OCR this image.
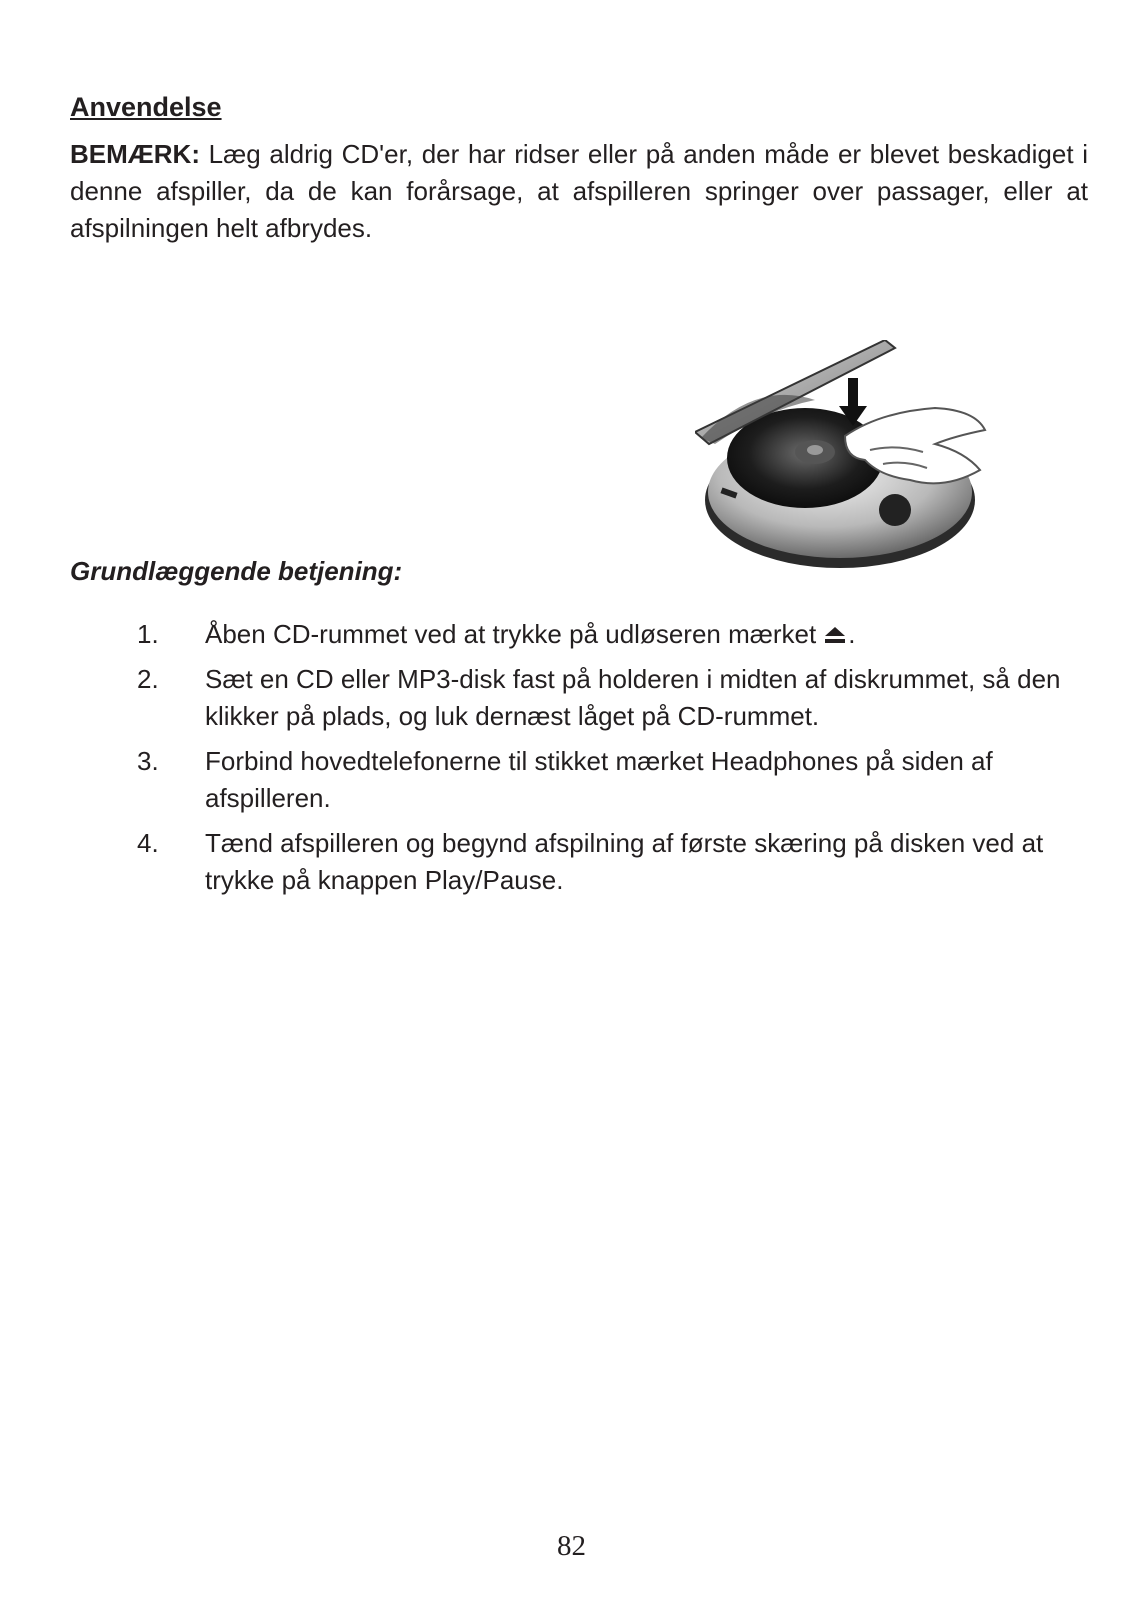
Anvendelse

BEMÆRK: Læg aldrig CD'er, der har ridser eller på anden måde er blevet beskadiget i denne afspiller, da de kan forårsage, at afspilleren springer over passager, eller at afspilningen helt afbrydes.

Grundlæggende betjening:
1. Åben CD-rummet ved at trykke på udløseren mærket .
2. Sæt en CD eller MP3-disk fast på holderen i midten af diskrummet, så den klikker på plads, og luk dernæst låget på CD-rummet.
3. Forbind hovedtelefonerne til stikket mærket Headphones på siden af afspilleren.
4. Tænd afspilleren og begynd afspilning af første skæring på disken ved at trykke på knappen Play/Pause.
82
